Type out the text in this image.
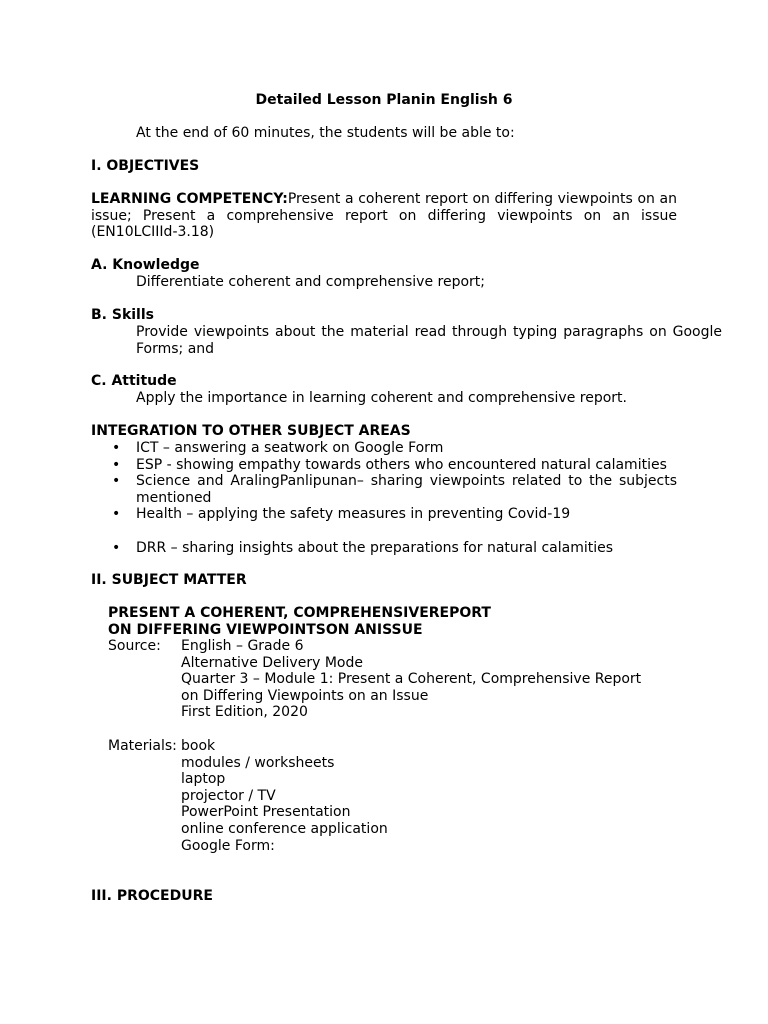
Detailed Lesson Planin English 6
At the end of 60 minutes, the students will be able to:
I. OBJECTIVES
LEARNING COMPETENCY:Present a coherent report on differing viewpoints on an issue; Present a comprehensive report on differing viewpoints on an issue (EN10LCIIId-3.18)
A. Knowledge
Differentiate coherent and comprehensive report;
B. Skills
Provide viewpoints about the material read through typing paragraphs on Google Forms; and
C. Attitude
Apply the importance in learning coherent and comprehensive report.
INTEGRATION TO OTHER SUBJECT AREAS
• ICT – answering a seatwork on Google Form
• ESP - showing empathy towards others who encountered natural calamities
• Science and AralingPanlipunan– sharing viewpoints related to the subjects mentioned
• Health – applying the safety measures in preventing Covid-19
• DRR – sharing insights about the preparations for natural calamities
II. SUBJECT MATTER
PRESENT A COHERENT, COMPREHENSIVEREPORT
ON DIFFERING VIEWPOINTSON ANISSUE
Source:	English – Grade 6
Alternative Delivery Mode
Quarter 3 – Module 1: Present a Coherent, Comprehensive Report
on Differing Viewpoints on an Issue
First Edition, 2020
Materials: book
modules / worksheets
laptop
projector / TV
PowerPoint Presentation
online conference application
Google Form:
III. PROCEDURE
